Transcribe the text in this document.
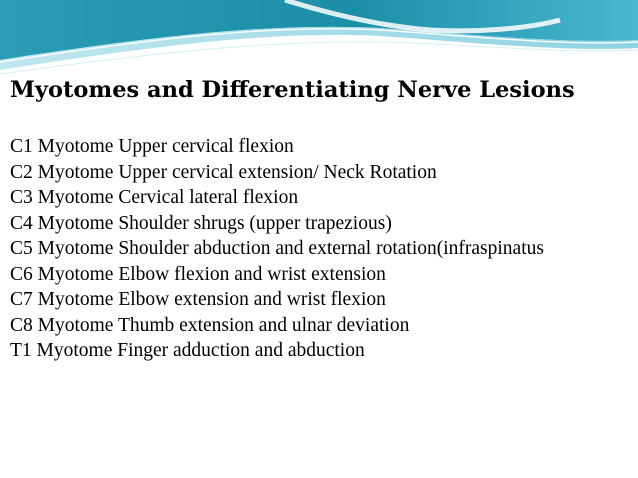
Myotomes and Differentiating Nerve Lesions
C1 Myotome Upper cervical flexion
C2 Myotome Upper cervical extension/ Neck Rotation
C3 Myotome Cervical lateral flexion
C4 Myotome Shoulder shrugs (upper trapezious)
C5 Myotome Shoulder abduction and external rotation(infraspinatus
C6 Myotome Elbow flexion and wrist extension
C7 Myotome Elbow extension and wrist flexion
C8 Myotome Thumb extension and ulnar deviation
T1 Myotome Finger adduction and abduction
